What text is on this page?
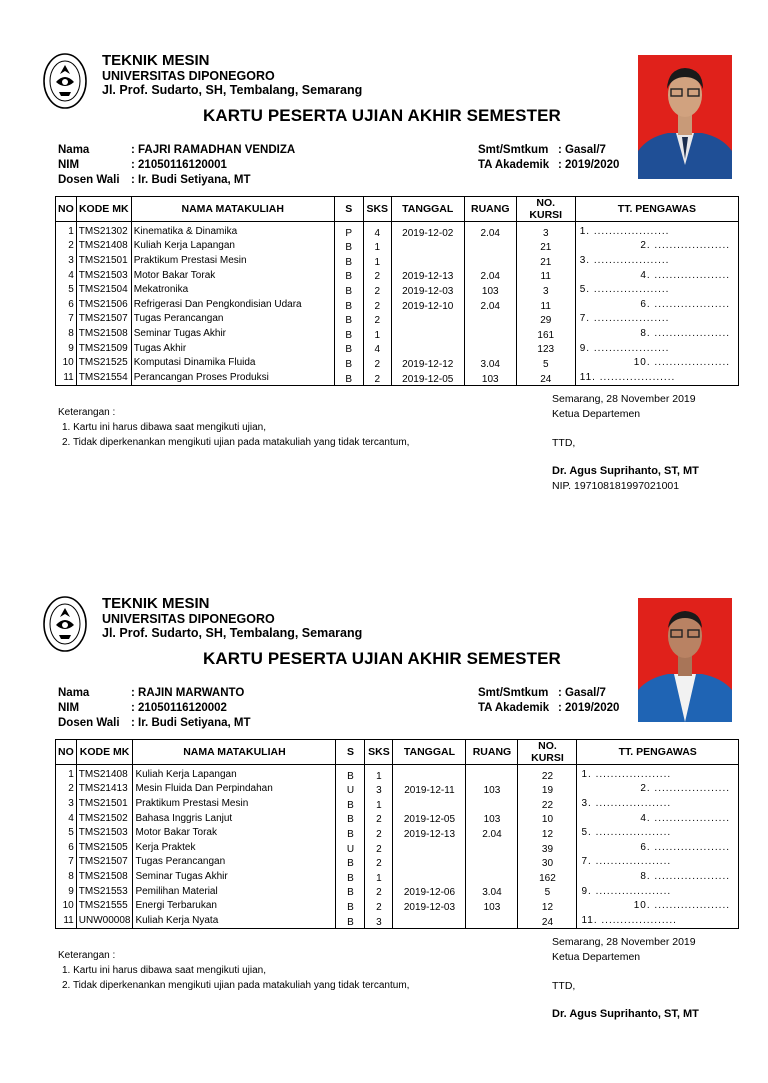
TEKNIK MESIN
UNIVERSITAS DIPONEGORO
Jl. Prof. Sudarto, SH, Tembalang, Semarang
KARTU PESERTA UJIAN AKHIR SEMESTER
Nama	: FAJRI RAMADHAN VENDIZA
NIM	: 21050116120001
Dosen Wali : Ir. Budi Setiyana, MT
Smt/Smtkum : Gasal/7
TA Akademik : 2019/2020
NO	KODE MK	NAMA MATAKULIAH	S	SKS	TANGGAL	RUANG	NO. KURSI	TT. PENGAWAS
1	TMS21302	Kinematika & Dinamika	P	4	2019-12-02	2.04	3	1. ....................
2	TMS21408	Kuliah Kerja Lapangan	B	1			21	2. ....................
3	TMS21501	Praktikum Prestasi Mesin	B	1			21	3. ....................
4	TMS21503	Motor Bakar Torak	B	2	2019-12-13	2.04	11	4. ....................
5	TMS21504	Mekatronika	B	2	2019-12-03	103	3	5. ....................
6	TMS21506	Refrigerasi Dan Pengkondisian Udara	B	2	2019-12-10	2.04	11	6. ....................
7	TMS21507	Tugas Perancangan	B	2			29	7. ....................
8	TMS21508	Seminar Tugas Akhir	B	1			161	8. ....................
9	TMS21509	Tugas Akhir	B	4			123	9. ....................
10	TMS21525	Komputasi Dinamika Fluida	B	2	2019-12-12	3.04	5	10. ....................
11	TMS21554	Perancangan Proses Produksi	B	2	2019-12-05	103	24	11. ....................
Keterangan :
1. Kartu ini harus dibawa saat mengikuti ujian,
2. Tidak diperkenankan mengikuti ujian pada matakuliah yang tidak tercantum,
Semarang, 28 November 2019
Ketua Departemen
TTD,
Dr. Agus Suprihanto, ST, MT
NIP. 197108181997021001
TEKNIK MESIN
UNIVERSITAS DIPONEGORO
Jl. Prof. Sudarto, SH, Tembalang, Semarang
KARTU PESERTA UJIAN AKHIR SEMESTER
Nama	: RAJIN MARWANTO
NIM	: 21050116120002
Dosen Wali : Ir. Budi Setiyana, MT
Smt/Smtkum : Gasal/7
TA Akademik : 2019/2020
NO	KODE MK	NAMA MATAKULIAH	S	SKS	TANGGAL	RUANG	NO. KURSI	TT. PENGAWAS
1	TMS21408	Kuliah Kerja Lapangan	B	1			22	1. ....................
2	TMS21413	Mesin Fluida Dan Perpindahan	U	3	2019-12-11	103	19	2. ....................
3	TMS21501	Praktikum Prestasi Mesin	B	1			22	3. ....................
4	TMS21502	Bahasa Inggris Lanjut	B	2	2019-12-05	103	10	4. ....................
5	TMS21503	Motor Bakar Torak	B	2	2019-12-13	2.04	12	5. ....................
6	TMS21505	Kerja Praktek	U	2			39	6. ....................
7	TMS21507	Tugas Perancangan	B	2			30	7. ....................
8	TMS21508	Seminar Tugas Akhir	B	1			162	8. ....................
9	TMS21553	Pemilihan Material	B	2	2019-12-06	3.04	5	9. ....................
10	TMS21555	Energi Terbarukan	B	2	2019-12-03	103	12	10. ....................
11	UNW00008	Kuliah Kerja Nyata	B	3			24	11. ....................
Keterangan :
1. Kartu ini harus dibawa saat mengikuti ujian,
2. Tidak diperkenankan mengikuti ujian pada matakuliah yang tidak tercantum,
Semarang, 28 November 2019
Ketua Departemen
TTD,
Dr. Agus Suprihanto, ST, MT
